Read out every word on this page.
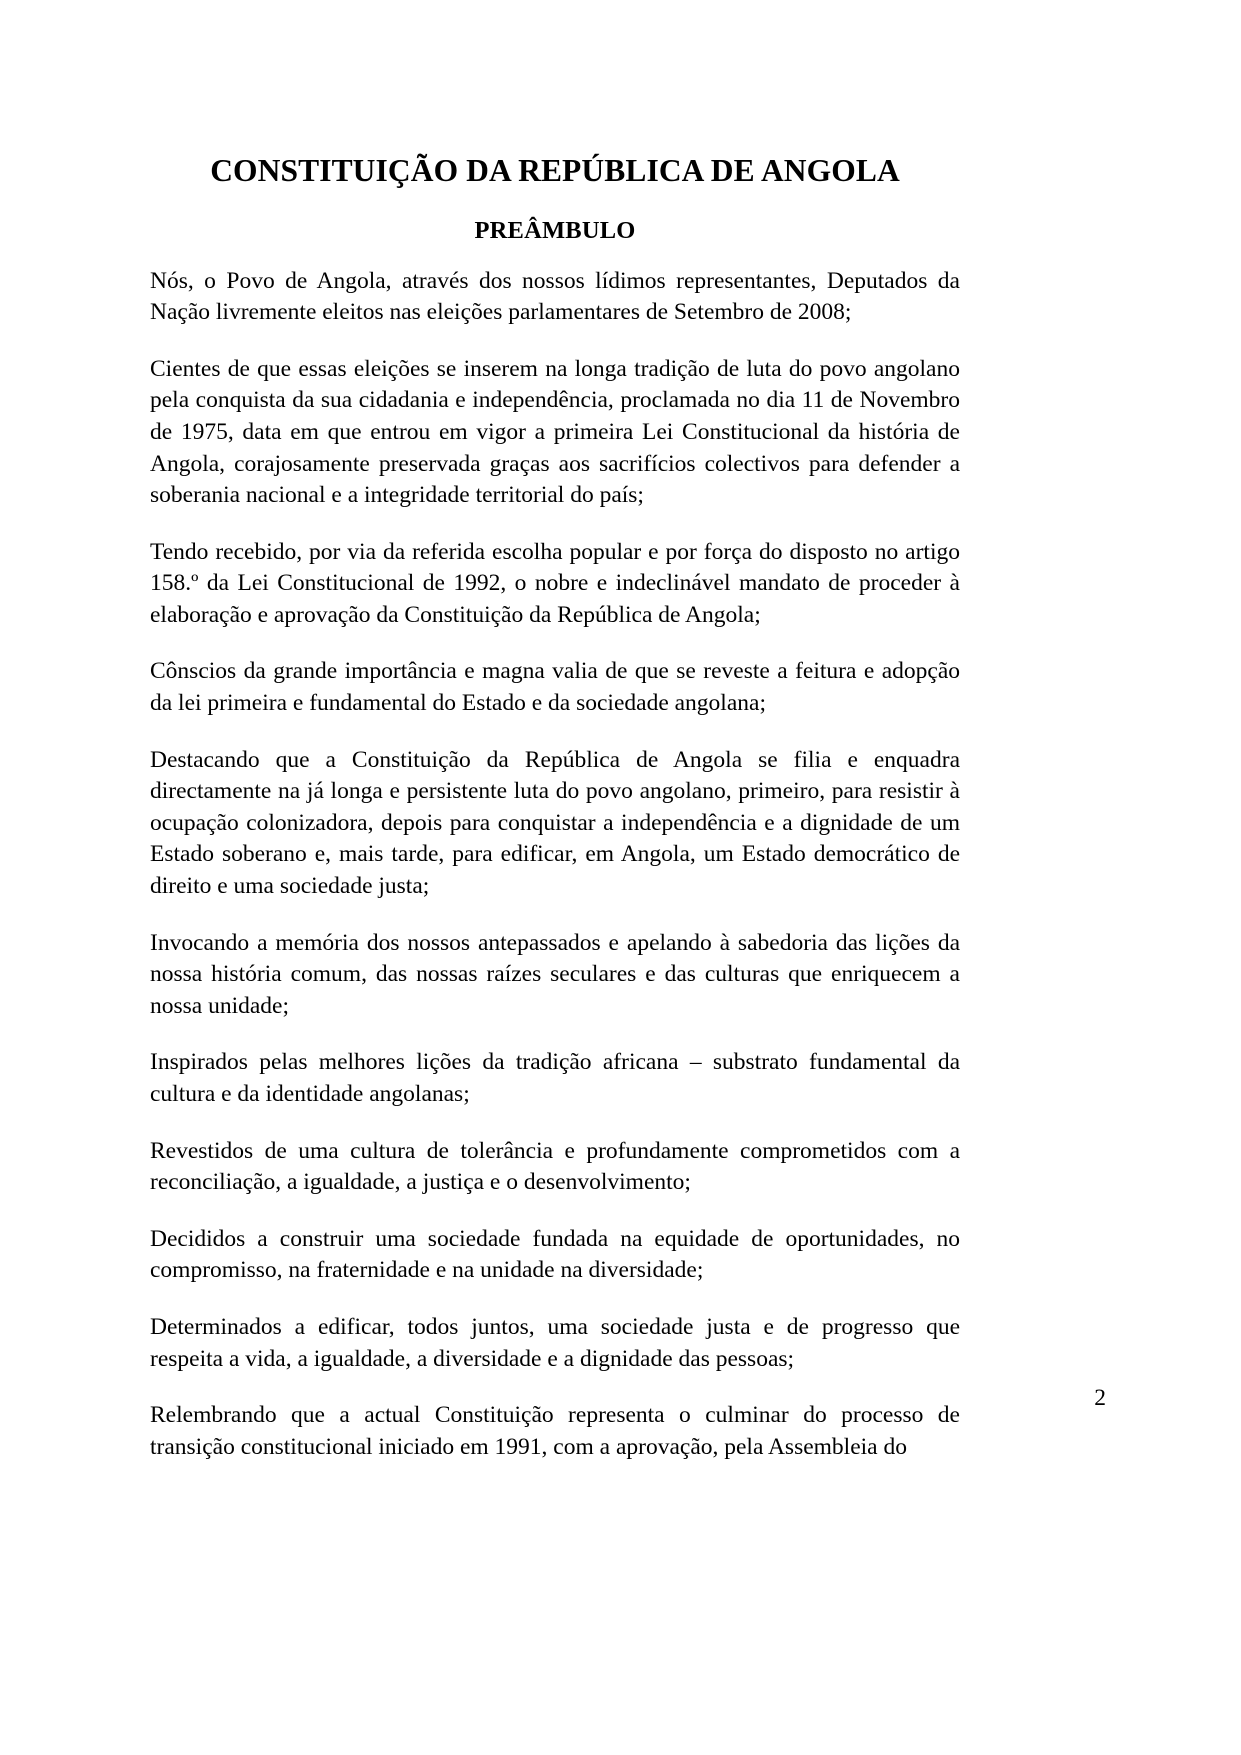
CONSTITUIÇÃO DA REPÚBLICA DE ANGOLA
PREÂMBULO

Nós, o Povo de Angola, através dos nossos lídimos representantes, Deputados da Nação livremente eleitos nas eleições parlamentares de Setembro de 2008;

Cientes de que essas eleições se inserem na longa tradição de luta do povo angolano pela conquista da sua cidadania e independência, proclamada no dia 11 de Novembro de 1975, data em que entrou em vigor a primeira Lei Constitucional da história de Angola, corajosamente preservada graças aos sacrifícios colectivos para defender a soberania nacional e a integridade territorial do país;

Tendo recebido, por via da referida escolha popular e por força do disposto no artigo 158.º da Lei Constitucional de 1992, o nobre e indeclinável mandato de proceder à elaboração e aprovação da Constituição da República de Angola;

Cônscios da grande importância e magna valia de que se reveste a feitura e adopção da lei primeira e fundamental do Estado e da sociedade angolana;

Destacando que a Constituição da República de Angola se filia e enquadra directamente na já longa e persistente luta do povo angolano, primeiro, para resistir à ocupação colonizadora, depois para conquistar a independência e a dignidade de um Estado soberano e, mais tarde, para edificar, em Angola, um Estado democrático de direito e uma sociedade justa;

Invocando a memória dos nossos antepassados e apelando à sabedoria das lições da nossa história comum, das nossas raízes seculares e das culturas que enriquecem a nossa unidade;

Inspirados pelas melhores lições da tradição africana – substrato fundamental da cultura e da identidade angolanas;

Revestidos de uma cultura de tolerância e profundamente comprometidos com a reconciliação, a igualdade, a justiça e o desenvolvimento;

Decididos a construir uma sociedade fundada na equidade de oportunidades, no compromisso, na fraternidade e na unidade na diversidade;

Determinados a edificar, todos juntos, uma sociedade justa e de progresso que respeita a vida, a igualdade, a diversidade e a dignidade das pessoas;

Relembrando que a actual Constituição representa o culminar do processo de transição constitucional iniciado em 1991, com a aprovação, pela Assembleia do

2
